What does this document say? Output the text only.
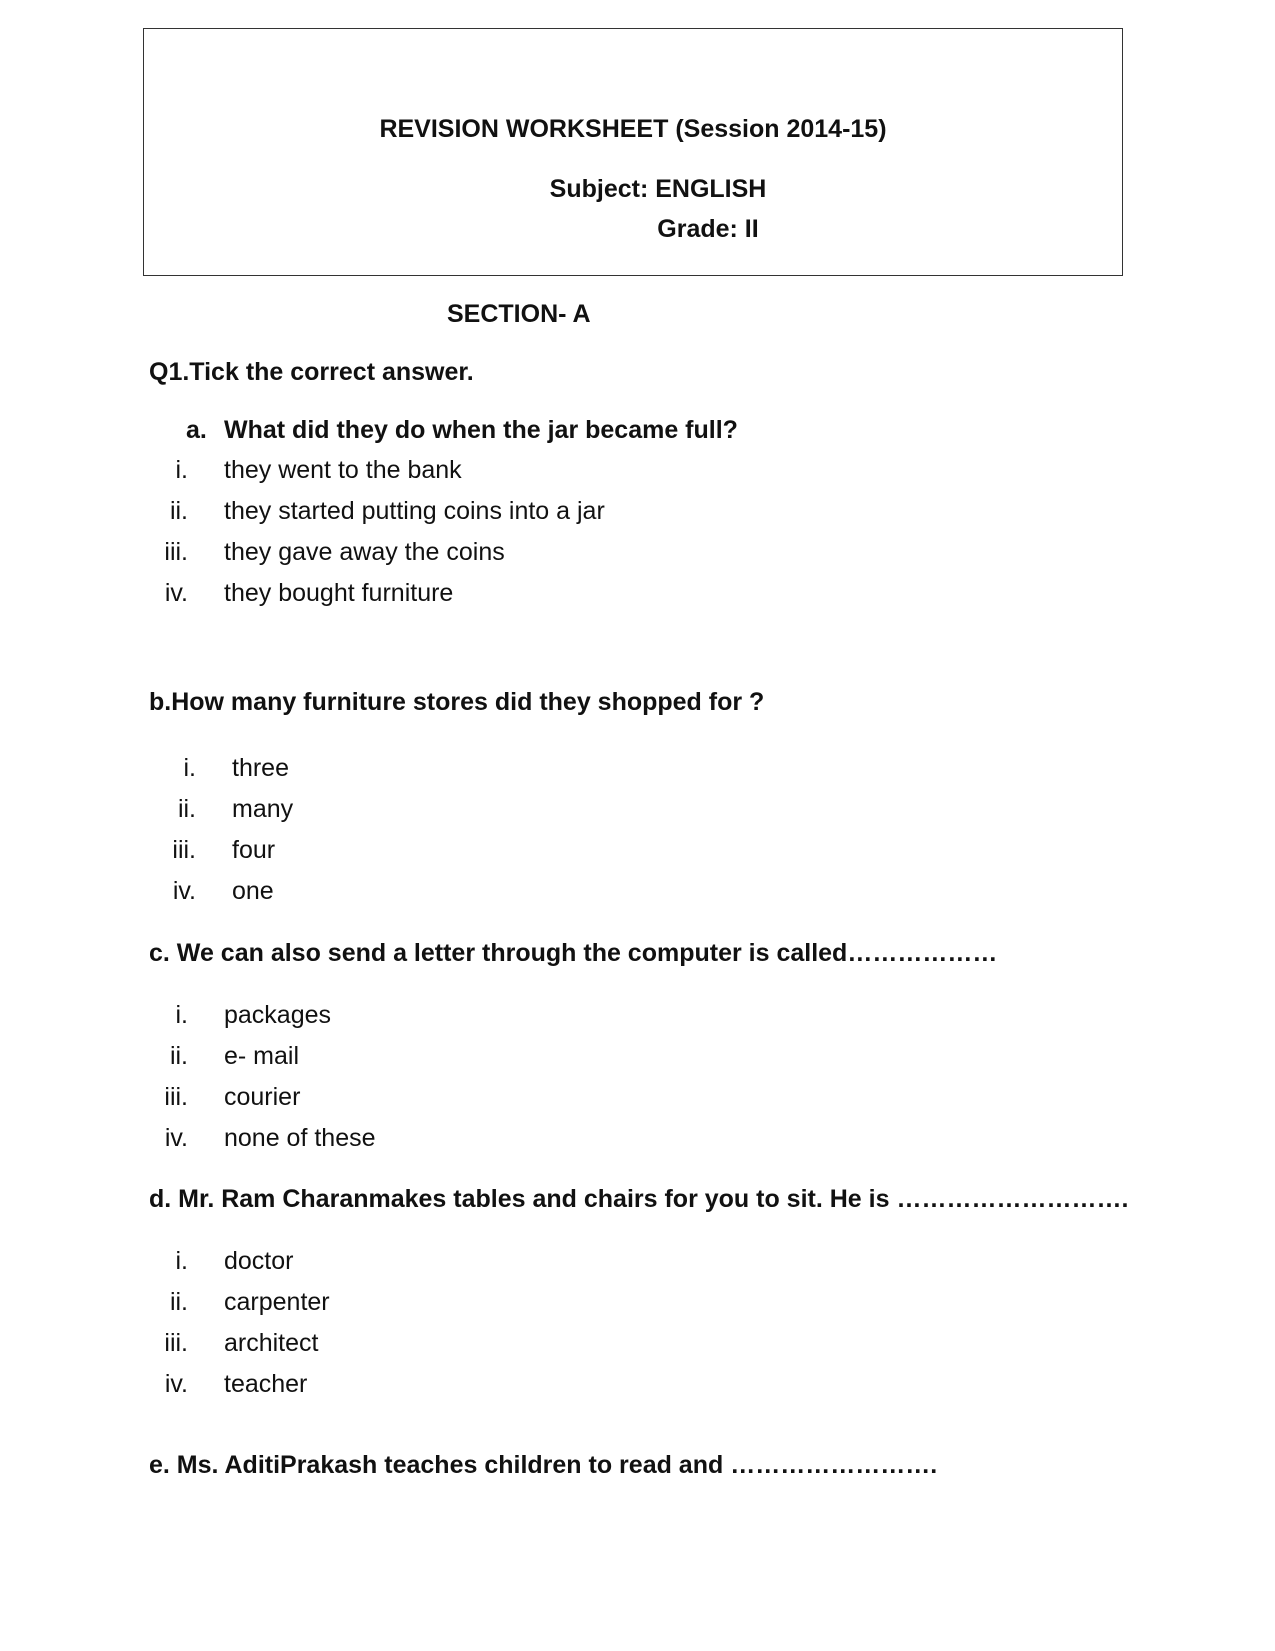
REVISION WORKSHEET (Session 2014-15)
Subject: ENGLISH
Grade: II
SECTION- A
Q1.Tick the correct answer.
a. What did they do when the jar became full?
i. they went to the bank
ii. they started putting coins into a jar
iii. they gave away the coins
iv. they bought furniture
b.How many furniture stores did they shopped for ?
i. three
ii. many
iii. four
iv. one
c. We can also send a letter through the computer is called………………
i. packages
ii. e- mail
iii. courier
iv. none of these
d. Mr. Ram Charanmakes tables and chairs for you to sit. He is ……………………….
i. doctor
ii. carpenter
iii. architect
iv. teacher
e. Ms. AditiPrakash teaches children to read and …………………….
